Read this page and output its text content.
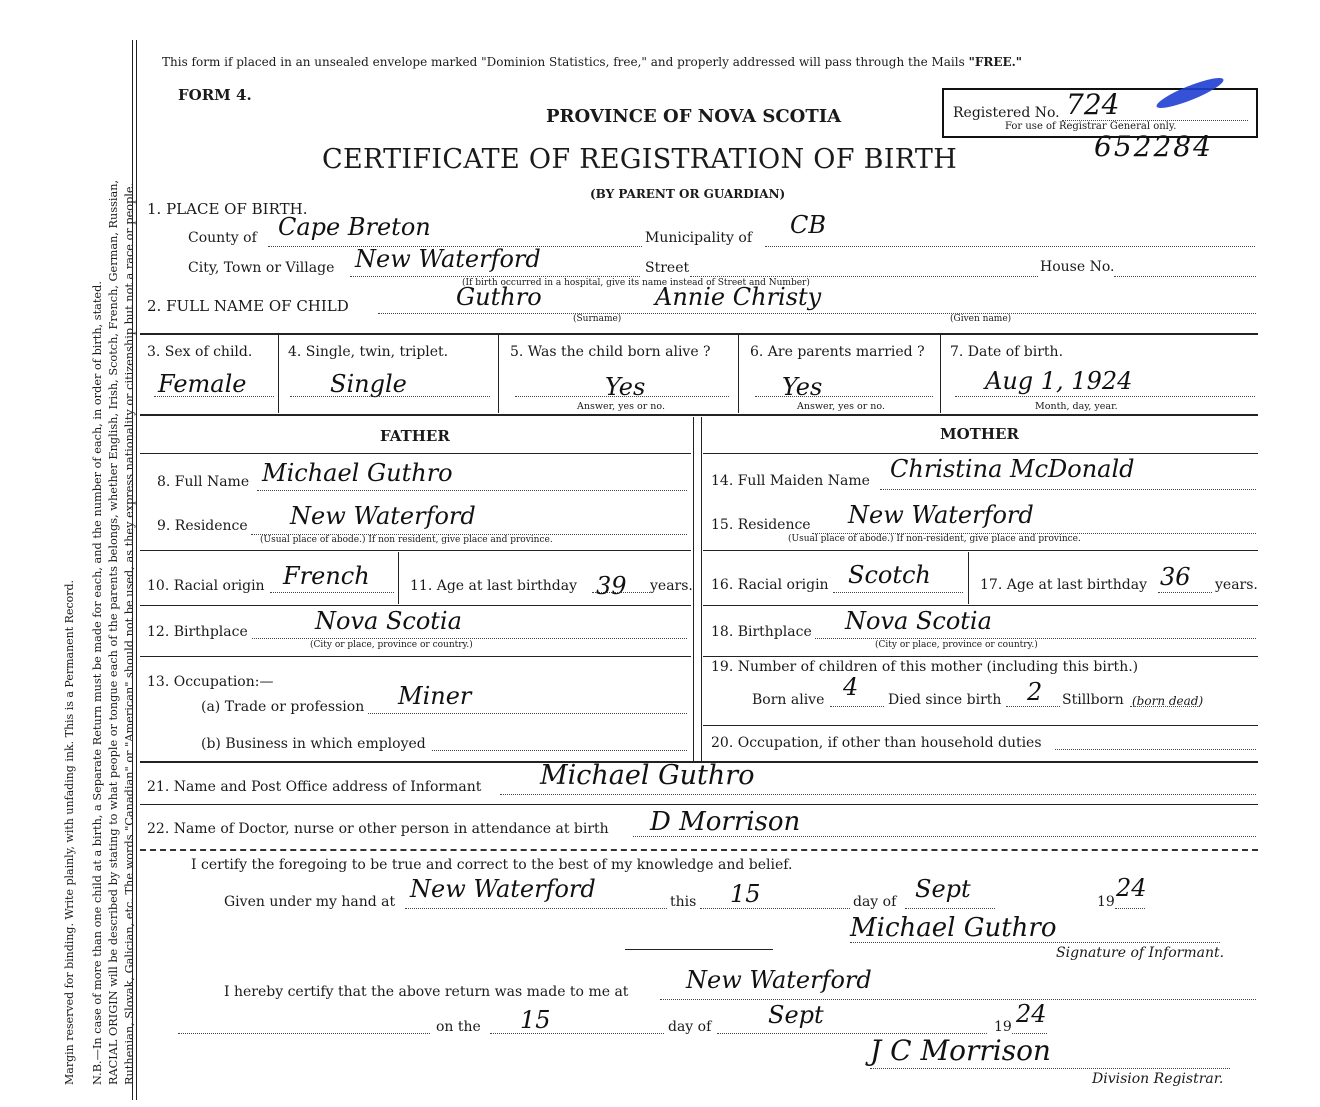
Margin reserved for binding. Write plainly, with unfading ink. This is a Permanent Record. N.B.—In case of more than one child at a birth, a Separate Return must be made for each, and the number of each, in order of birth, stated. RACIAL ORIGIN will be described by stating to what people or tongue each of the parents belongs, whether English, Irish, Scotch, French, German, Russian, Ruthenian, Slovak, Galician, etc. The words "Canadian" or "American" should not be used, as they express nationality or citizenship but not a race or people.
This form if placed in an unsealed envelope marked "Dominion Statistics, free," and properly addressed will pass through the Mails "FREE."
FORM 4.
PROVINCE OF NOVA SCOTIA
CERTIFICATE OF REGISTRATION OF BIRTH
(BY PARENT OR GUARDIAN)
Registered No. 724
For use of Registrar General only.
652284
1. PLACE OF BIRTH.
County of Cape Breton	Municipality of CB
City, Town or Village New Waterford	Street	House No.
(If birth occurred in a hospital, give its name instead of Street and Number)
2. FULL NAME OF CHILD	Guthro	Annie Christy
(Surname)	(Given name)
3. Sex of child.
Female
4. Single, twin, triplet.
Single
5. Was the child born alive ?
Yes
Answer, yes or no.
6. Are parents married ?
Yes
Answer, yes or no.
7. Date of birth.
Aug 1, 1924
Month, day, year.
FATHER	MOTHER
8. Full Name Michael Guthro
9. Residence New Waterford
(Usual place of abode.) If non resident, give place and province.
10. Racial origin French	11. Age at last birthday 39 years.
12. Birthplace	Nova Scotia
(City or place, province or country.)
13. Occupation:—
(a) Trade or profession Miner
(b) Business in which employed
14. Full Maiden Name Christina McDonald
15. Residence New Waterford
(Usual place of abode.) If non-resident, give place and province.
16. Racial origin Scotch	17. Age at last birthday 36 years.
18. Birthplace Nova Scotia
(City or place, province or country.)
19. Number of children of this mother (including this birth.)
Born alive 4 Died since birth 2 Stillborn (born dead)
20. Occupation, if other than household duties
21. Name and Post Office address of Informant Michael Guthro
22. Name of Doctor, nurse or other person in attendance at birth D Morrison
I certify the foregoing to be true and correct to the best of my knowledge and belief.
Given under my hand at New Waterford	this 15	day of Sept	19 24
Michael Guthro
Signature of Informant.
I hereby certify that the above return was made to me at New Waterford
on the 15	day of Sept	19 24
J C Morrison
Division Registrar.
